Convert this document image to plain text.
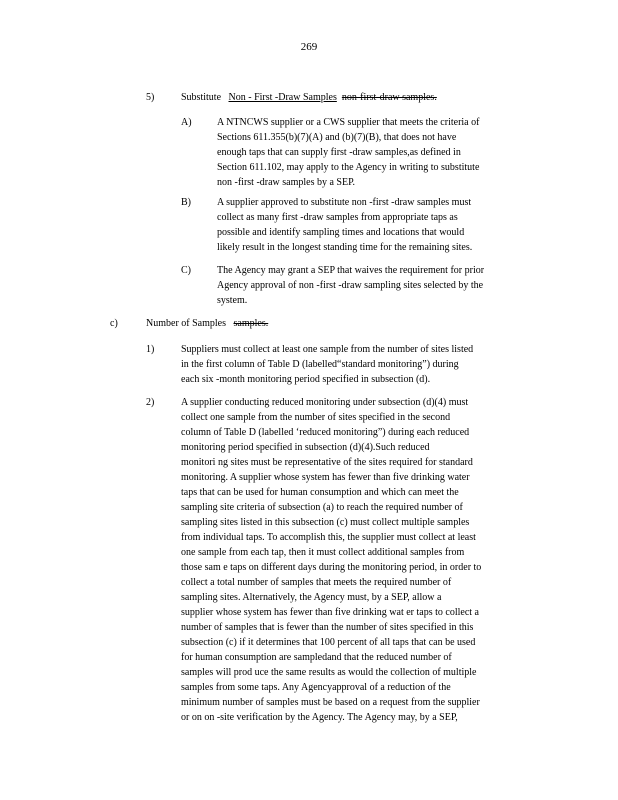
269
5)	Substitute Non - First -Draw Samples non-first-draw samples.
A)	A NTNCWS supplier or a CWS supplier that meets the criteria of
Sections 611.355(b)(7)(A) and (b)(7)(B), that does not have
enough taps that can supply first -draw samples,as defined in
Section 611.102, may apply to the Agency in writing to substitute
non -first -draw samples by a SEP.
B)	A supplier approved to substitute non -first -draw samples must
collect as many first -draw samples from appropriate taps as
possible and identify sampling times and locations that would
likely result in the longest standing time for the remaining sites.
C)	The Agency may grant a SEP that waives the requirement for prior
Agency approval of non -first -draw sampling sites selected by the
system.
c)	Number of Samples samples.
1)	Suppliers must collect at least one sample from the number of sites listed
in the first column of Table D (labelled“standard monitoring”) during
each six -month monitoring period specified in subsection (d).
2)	A supplier conducting reduced monitoring under subsection (d)(4) must
collect one sample from the number of sites specified in the second
column of Table D (labelled ‘reduced monitoring”) during each reduced
monitoring period specified in subsection (d)(4).Such reduced
monitori ng sites must be representative of the sites required for standard
monitoring. A supplier whose system has fewer than five drinking water
taps that can be used for human consumption and which can meet the
sampling site criteria of subsection (a) to reach the required number of
sampling sites listed in this subsection (c) must collect multiple samples
from individual taps. To accomplish this, the supplier must collect at least
one sample from each tap, then it must collect additional samples from
those sam e taps on different days during the monitoring period, in order to
collect a total number of samples that meets the required number of
sampling sites. Alternatively, the Agency must, by a SEP, allow a
supplier whose system has fewer than five drinking wat er taps to collect a
number of samples that is fewer than the number of sites specified in this
subsection (c) if it determines that 100 percent of all taps that can be used
for human consumption are sampledand that the reduced number of
samples will prod uce the same results as would the collection of multiple
samples from some taps. Any Agencyapproval of a reduction of the
minimum number of samples must be based on a request from the supplier
or on on -site verification by the Agency. The Agency may, by a SEP,
